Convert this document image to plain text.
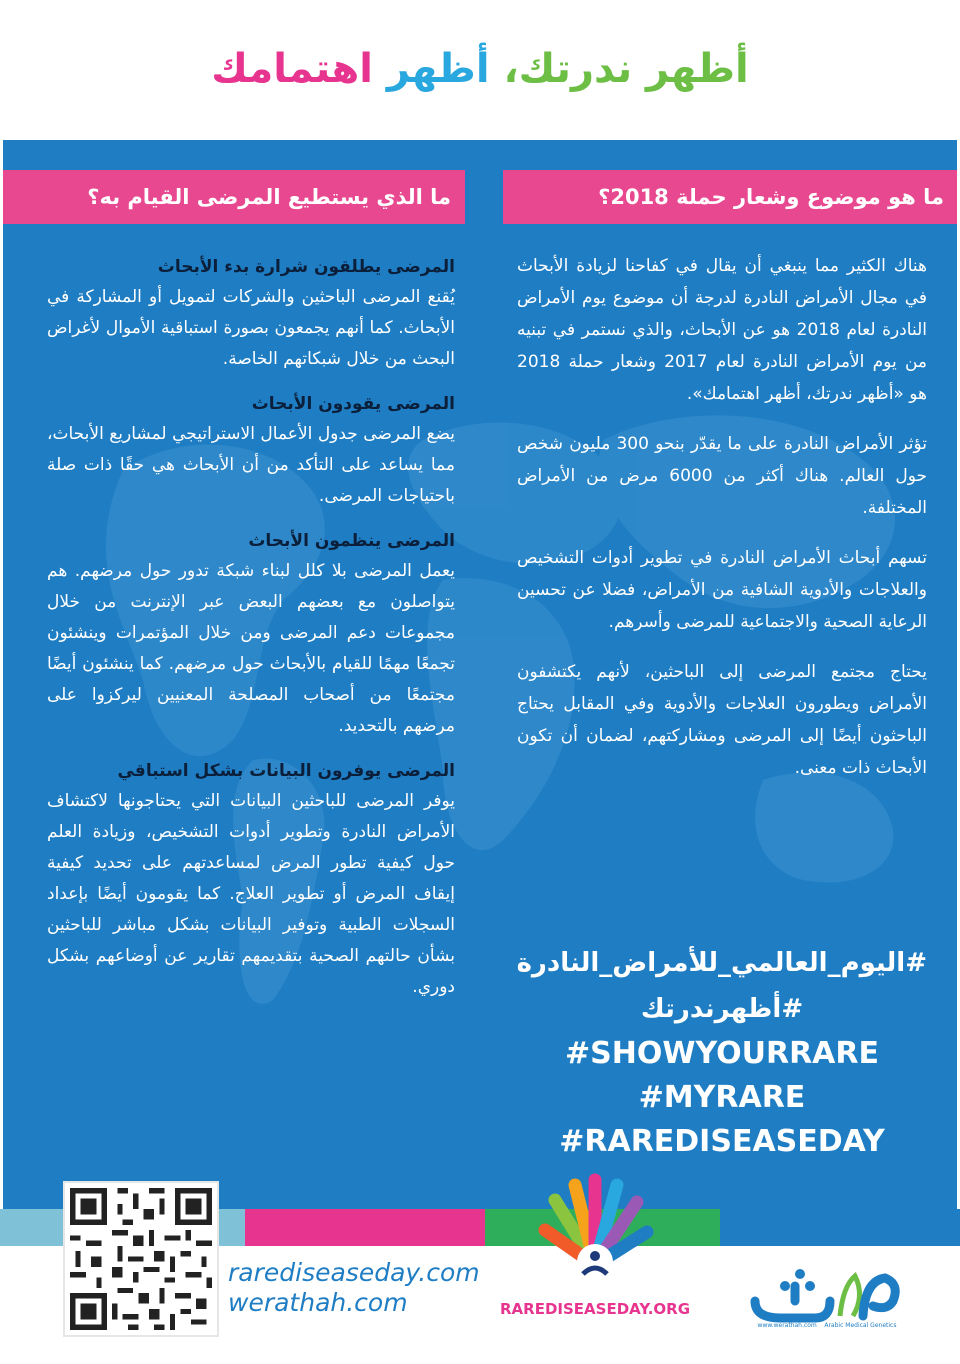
أظهر ندرتك، أظهر اهتمامك
ما هو موضوع وشعار حملة 2018؟
ما الذي يستطيع المرضى القيام به؟

هناك الكثير مما ينبغي أن يقال في كفاحنا لزيادة الأبحاث في مجال الأمراض النادرة لدرجة أن موضوع يوم الأمراض النادرة لعام 2018 هو عن الأبحاث، والذي نستمر في تبنيه من يوم الأمراض النادرة لعام 2017 وشعار حملة 2018 هو «أظهر ندرتك، أظهر اهتمامك».

تؤثر الأمراض النادرة على ما يقدّر بنحو 300 مليون شخص حول العالم. هناك أكثر من 6000 مرض من الأمراض المختلفة.

تسهم أبحاث الأمراض النادرة في تطوير أدوات التشخيص والعلاجات والأدوية الشافية من الأمراض، فضلا عن تحسين الرعاية الصحية والاجتماعية للمرضى وأسرهم.

يحتاج مجتمع المرضى إلى الباحثين، لأنهم يكتشفون الأمراض ويطورون العلاجات والأدوية وفي المقابل يحتاج الباحثون أيضًا إلى المرضى ومشاركتهم، لضمان أن تكون الأبحاث ذات معنى.

المرضى يطلقون شرارة بدء الأبحاث

يُقنع المرضى الباحثين والشركات لتمويل أو المشاركة في الأبحاث. كما أنهم يجمعون بصورة استباقية الأموال لأغراض البحث من خلال شبكاتهم الخاصة.

المرضى يقودون الأبحاث

يضع المرضى جدول الأعمال الاستراتيجي لمشاريع الأبحاث، مما يساعد على التأكد من أن الأبحاث هي حقًا ذات صلة باحتياجات المرضى.

المرضى ينظمون الأبحاث

يعمل المرضى بلا كلل لبناء شبكة تدور حول مرضهم. هم يتواصلون مع بعضهم البعض عبر الإنترنت من خلال مجموعات دعم المرضى ومن خلال المؤتمرات وينشئون تجمعًا مهمًا للقيام بالأبحاث حول مرضهم. كما ينشئون أيضًا مجتمعًا من أصحاب المصلحة المعنيين ليركزوا على مرضهم بالتحديد.

المرضى يوفرون البيانات بشكل استباقي

يوفر المرضى للباحثين البيانات التي يحتاجونها لاكتشاف الأمراض النادرة وتطوير أدوات التشخيص، وزيادة العلم حول كيفية تطور المرض لمساعدتهم على تحديد كيفية إيقاف المرض أو تطوير العلاج. كما يقومون أيضًا بإعداد السجلات الطبية وتوفير البيانات بشكل مباشر للباحثين بشأن حالتهم الصحية بتقديمهم تقارير عن أوضاعهم بشكل دوري.

#اليوم_العالمي_للأمراض_النادرة
#أظهرندرتك
#SHOWYOURRARE
#MYRARE
#RAREDISEASEDAY
rarediseaseday.com
werathah.com	RAREDISEASEDAY.ORG
www.werathah.com Arabic Medical Genetics
